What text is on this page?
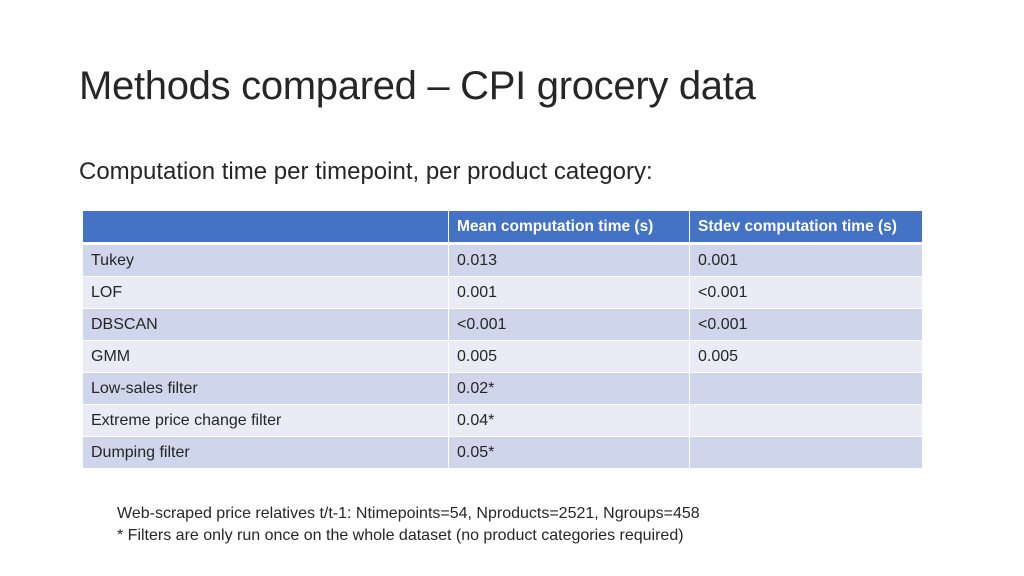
Methods compared – CPI grocery data
Computation time per timepoint, per product category:
	Mean computation time (s)	Stdev computation time (s)
Tukey	0.013	0.001
LOF	0.001	<0.001
DBSCAN	<0.001	<0.001
GMM	0.005	0.005
Low-sales filter	0.02*	
Extreme price change filter	0.04*	
Dumping filter	0.05*	
Web-scraped price relatives t/t-1: Ntimepoints=54, Nproducts=2521, Ngroups=458
* Filters are only run once on the whole dataset (no product categories required)
